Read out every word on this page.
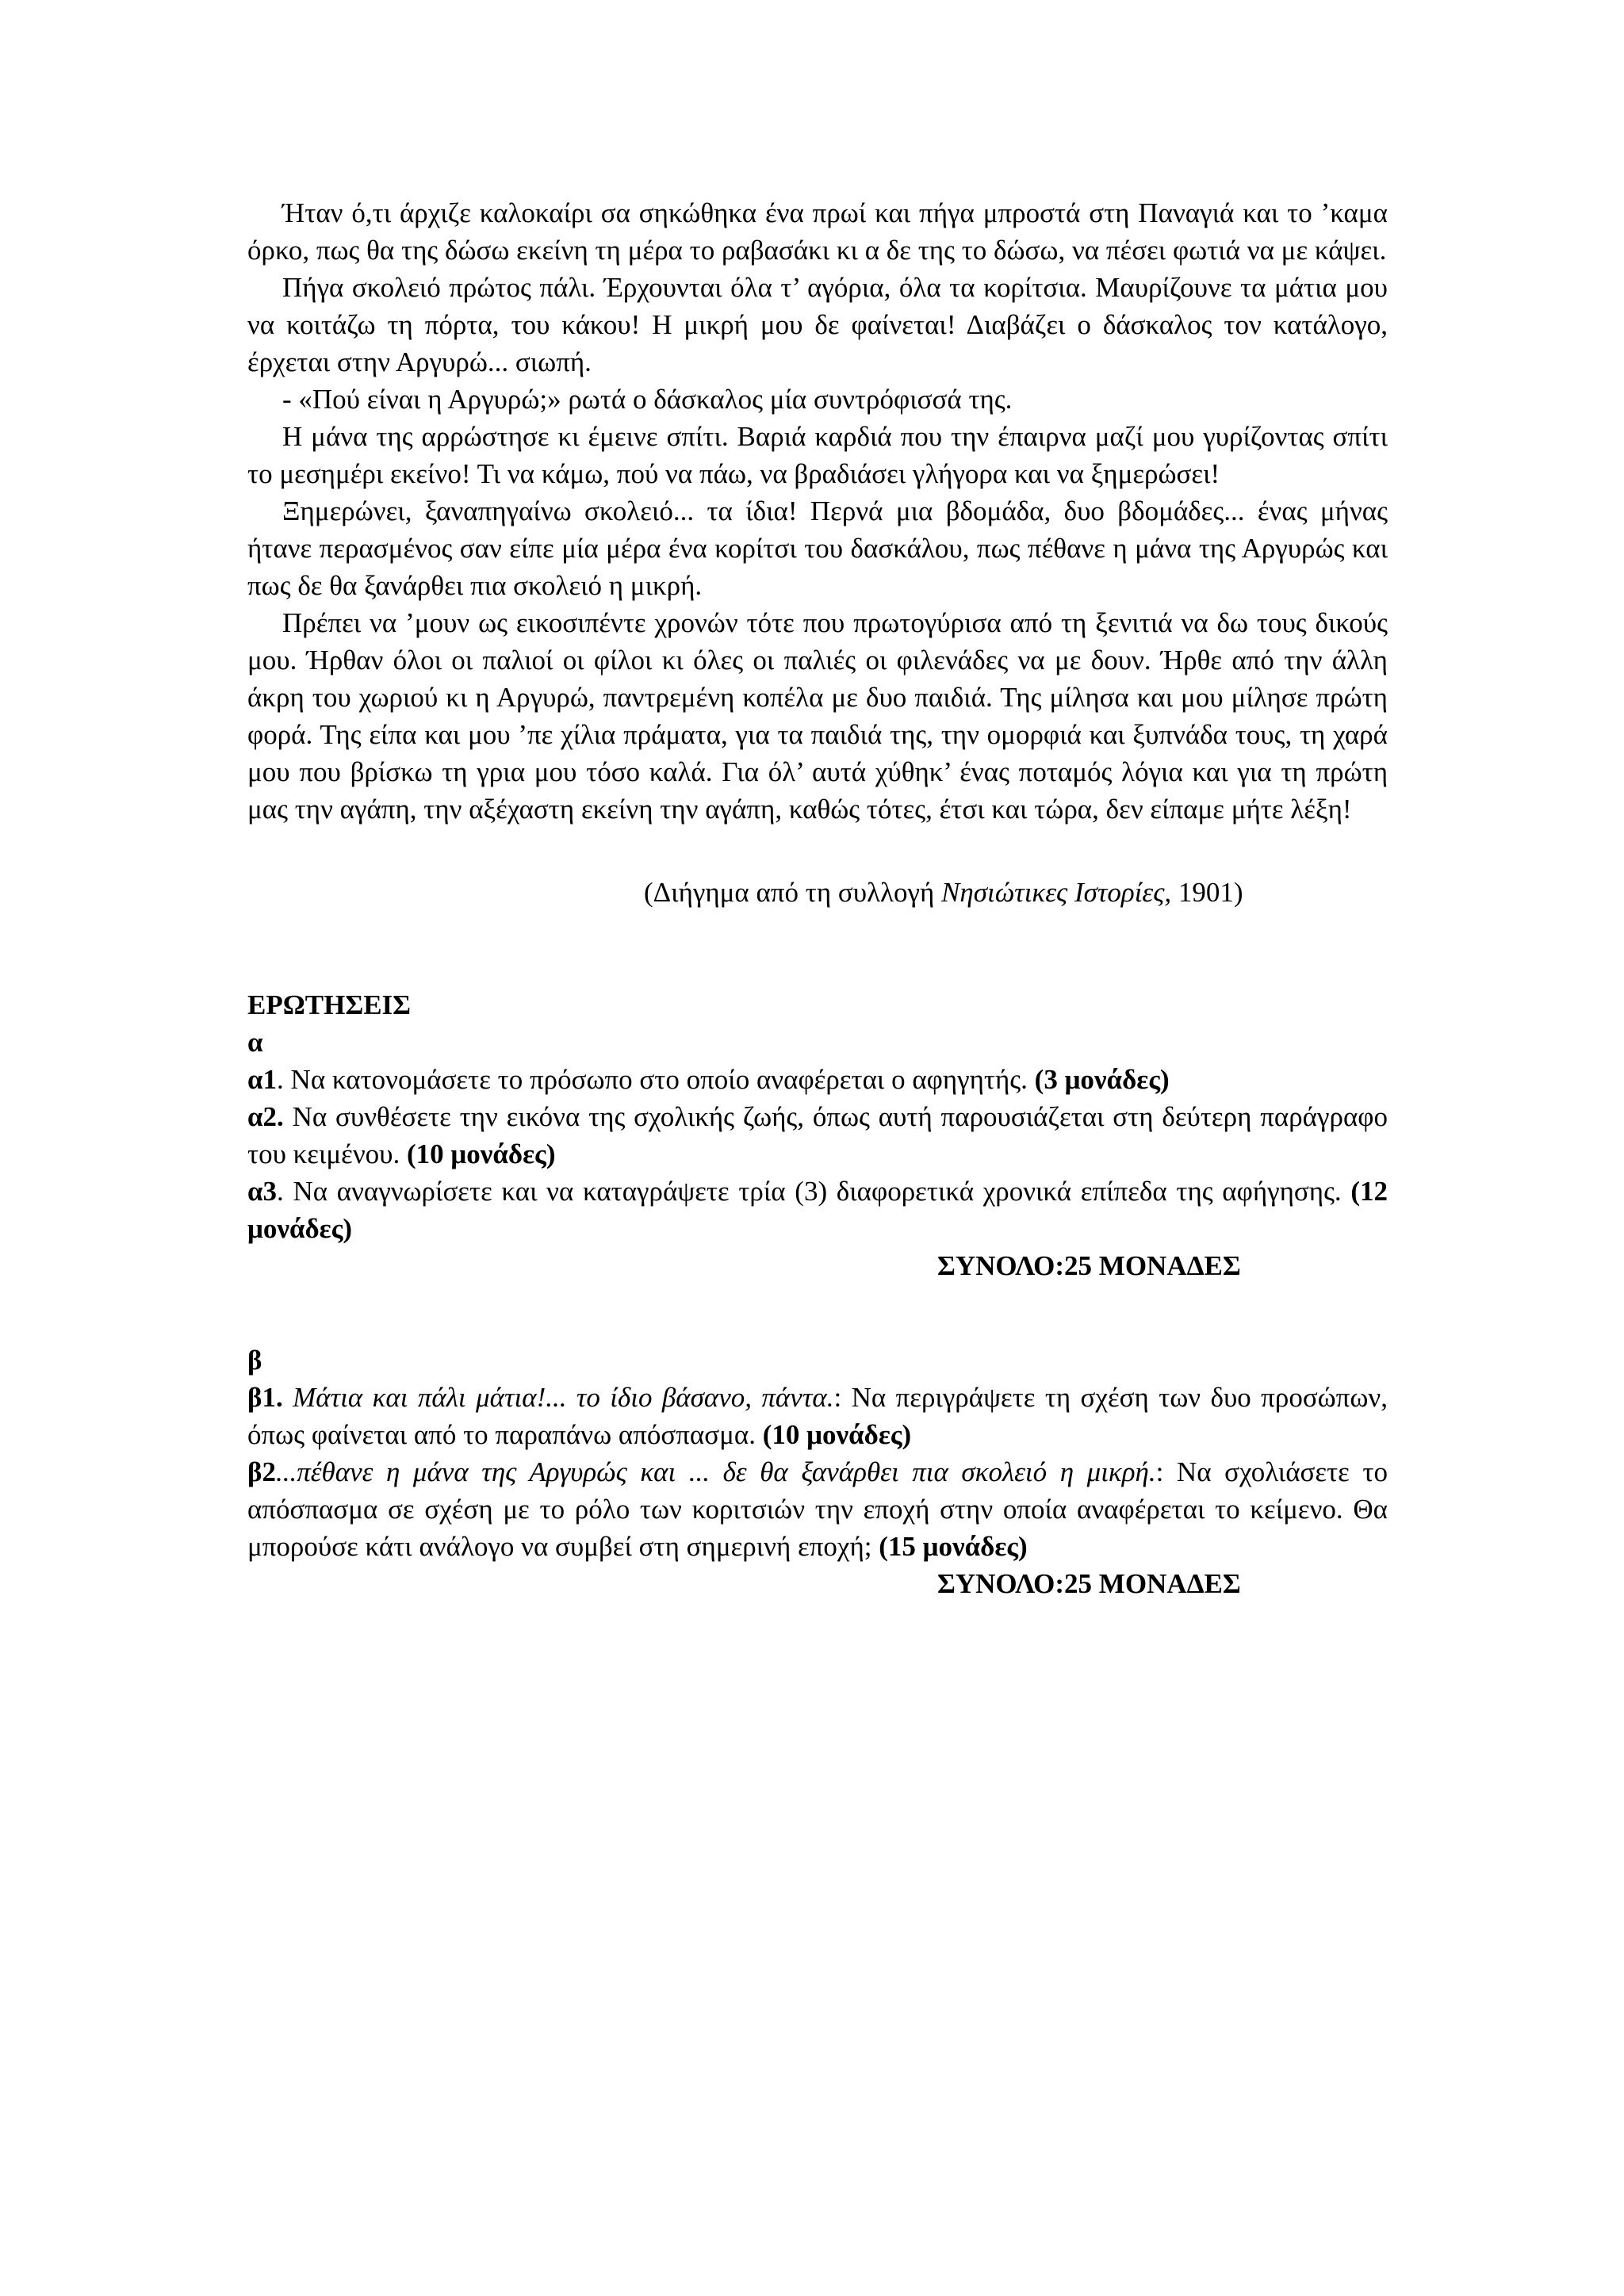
Ήταν ό,τι άρχιζε καλοκαίρι σα σηκώθηκα ένα πρωί και πήγα μπροστά στη Παναγιά και το ’καμα όρκο, πως θα της δώσω εκείνη τη μέρα το ραβασάκι κι α δε της το δώσω, να πέσει φωτιά να με κάψει.

Πήγα σκολειό πρώτος πάλι. Έρχουνται όλα τ’ αγόρια, όλα τα κορίτσια. Μαυρίζουνε τα μάτια μου να κοιτάζω τη πόρτα, του κάκου! Η μικρή μου δε φαίνεται! Διαβάζει ο δάσκαλος τον κατάλογο, έρχεται στην Αργυρώ... σιωπή.

- «Πού είναι η Αργυρώ;» ρωτά ο δάσκαλος μία συντρόφισσά της.

Η μάνα της αρρώστησε κι έμεινε σπίτι. Βαριά καρδιά που την έπαιρνα μαζί μου γυρίζοντας σπίτι το μεσημέρι εκείνο! Τι να κάμω, πού να πάω, να βραδιάσει γλήγορα και να ξημερώσει!

Ξημερώνει, ξαναπηγαίνω σκολειό... τα ίδια! Περνά μια βδομάδα, δυο βδομάδες... ένας μήνας ήτανε περασμένος σαν είπε μία μέρα ένα κορίτσι του δασκάλου, πως πέθανε η μάνα της Αργυρώς και πως δε θα ξανάρθει πια σκολειό η μικρή.

Πρέπει να ’μουν ως εικοσιπέντε χρονών τότε που πρωτογύρισα από τη ξενιτιά να δω τους δικούς μου. Ήρθαν όλοι οι παλιοί οι φίλοι κι όλες οι παλιές οι φιλενάδες να με δουν. Ήρθε από την άλλη άκρη του χωριού κι η Αργυρώ, παντρεμένη κοπέλα με δυο παιδιά. Της μίλησα και μου μίλησε πρώτη φορά. Της είπα και μου ’πε χίλια πράματα, για τα παιδιά της, την ομορφιά και ξυπνάδα τους, τη χαρά μου που βρίσκω τη γρια μου τόσο καλά. Για όλ’ αυτά χύθηκ’ ένας ποταμός λόγια και για τη πρώτη μας την αγάπη, την αξέχαστη εκείνη την αγάπη, καθώς τότες, έτσι και τώρα, δεν είπαμε μήτε λέξη!

(Διήγημα από τη συλλογή Νησιώτικες Ιστορίες, 1901)
ΕΡΩΤΗΣΕΙΣ

α

α1. Να κατονομάσετε το πρόσωπο στο οποίο αναφέρεται ο αφηγητής. (3 μονάδες)

α2. Να συνθέσετε την εικόνα της σχολικής ζωής, όπως αυτή παρουσιάζεται στη δεύτερη παράγραφο του κειμένου. (10 μονάδες)

α3. Να αναγνωρίσετε και να καταγράψετε τρία (3) διαφορετικά χρονικά επίπεδα της αφήγησης. (12 μονάδες)

ΣΥΝΟΛΟ:25 ΜΟΝΑΔΕΣ

β

β1. Μάτια και πάλι μάτια!... το ίδιο βάσανο, πάντα.: Να περιγράψετε τη σχέση των δυο προσώπων, όπως φαίνεται από το παραπάνω απόσπασμα. (10 μονάδες)

β2...πέθανε η μάνα της Αργυρώς και ... δε θα ξανάρθει πια σκολειό η μικρή.: Να σχολιάσετε το απόσπασμα σε σχέση με το ρόλο των κοριτσιών την εποχή στην οποία αναφέρεται το κείμενο. Θα μπορούσε κάτι ανάλογο να συμβεί στη σημερινή εποχή; (15 μονάδες)

ΣΥΝΟΛΟ:25 ΜΟΝΑΔΕΣ
